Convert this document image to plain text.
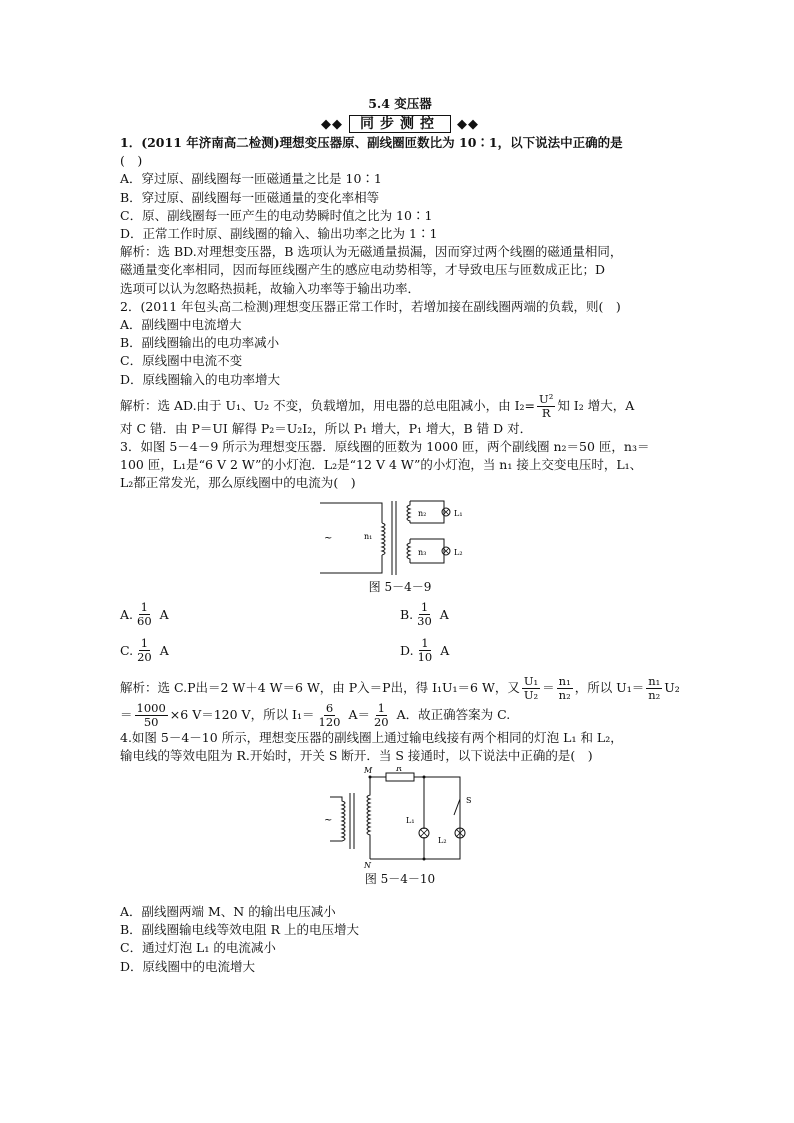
5.4 变压器
◆◆	同步测控	◆◆
1．(2011 年济南高二检测)理想变压器原、副线圈匝数比为 10∶1，以下说法中正确的是
(　)
A．穿过原、副线圈每一匝磁通量之比是 10∶1
B．穿过原、副线圈每一匝磁通量的变化率相等
C．原、副线圈每一匝产生的电动势瞬时值之比为 10∶1
D．正常工作时原、副线圈的输入、输出功率之比为 1∶1
解析：选 BD.对理想变压器，B 选项认为无磁通量损漏，因而穿过两个线圈的磁通量相同，
磁通量变化率相同，因而每匝线圈产生的感应电动势相等，才导致电压与匝数成正比；D
选项可以认为忽略热损耗，故输入功率等于输出功率．
2．(2011 年包头高二检测)理想变压器正常工作时，若增加接在副线圈两端的负载，则(　)
A．副线圈中电流增大
B．副线圈输出的电功率减小
C．原线圈中电流不变
D．原线圈输入的电功率增大
解析：选 AD.由于 U₁、U₂ 不变，负载增加，用电器的总电阻减小，由 $I_2= \frac{\text{U²}}{R}$ 知 I₂ 增大，A
对 C 错．由 P＝UI 解得 P₂＝U₂I₂，所以 P₁ 增大，P₁ 增大，B 错 D 对．
3．如图 5－4－9 所示为理想变压器．原线圈的匝数为 1000 匝，两个副线圈 n₂＝50 匝，n₃＝
100 匝，L₁是“6 V 2 W”的小灯泡．L₂是“12 V 4 W”的小灯泡，当 n₁ 接上交变电压时，L₁、
L₂都正常发光，那么原线圈中的电流为(　)
~	n₁
n₂
n₃
L₁
L₂
图 5－4－9
A. $\frac{1}{60}$
A	B. $\frac{1}{30}$
A
C. $\frac{1}{20}$
A	D. $\frac{1}{10}$
A
解析：选 C.P出＝2 W＋4 W＝6 W，由 P入＝P出，得 I₁U₁＝6 W，又 $\frac{\text{U₁}}{\text{U₂}} = \frac{\text{n₁}}{\text{n₂}}$ ，所以 $U_1= \frac{\text{n₁}}{\text{n₂}} U_2$
＝ $\frac{1000}{50} \times 6$ V＝120 V，所以 $I_1= \frac{6}{120} A= \frac{1}{20}$ A．故正确答案为 C.
4.如图 5－4－10 所示，理想变压器的副线圈上通过输电线接有两个相同的灯泡 L₁ 和 L₂，
输电线的等效电阻为 R.开始时，开关 S 断开．当 S 接通时，以下说法中正确的是(　)
M
N
R
S
L₁
L₂
~
图 5－4－10
A．副线圈两端 M、N 的输出电压减小
B．副线圈输电线等效电阻 R 上的电压增大
C．通过灯泡 L₁ 的电流减小
D．原线圈中的电流增大
